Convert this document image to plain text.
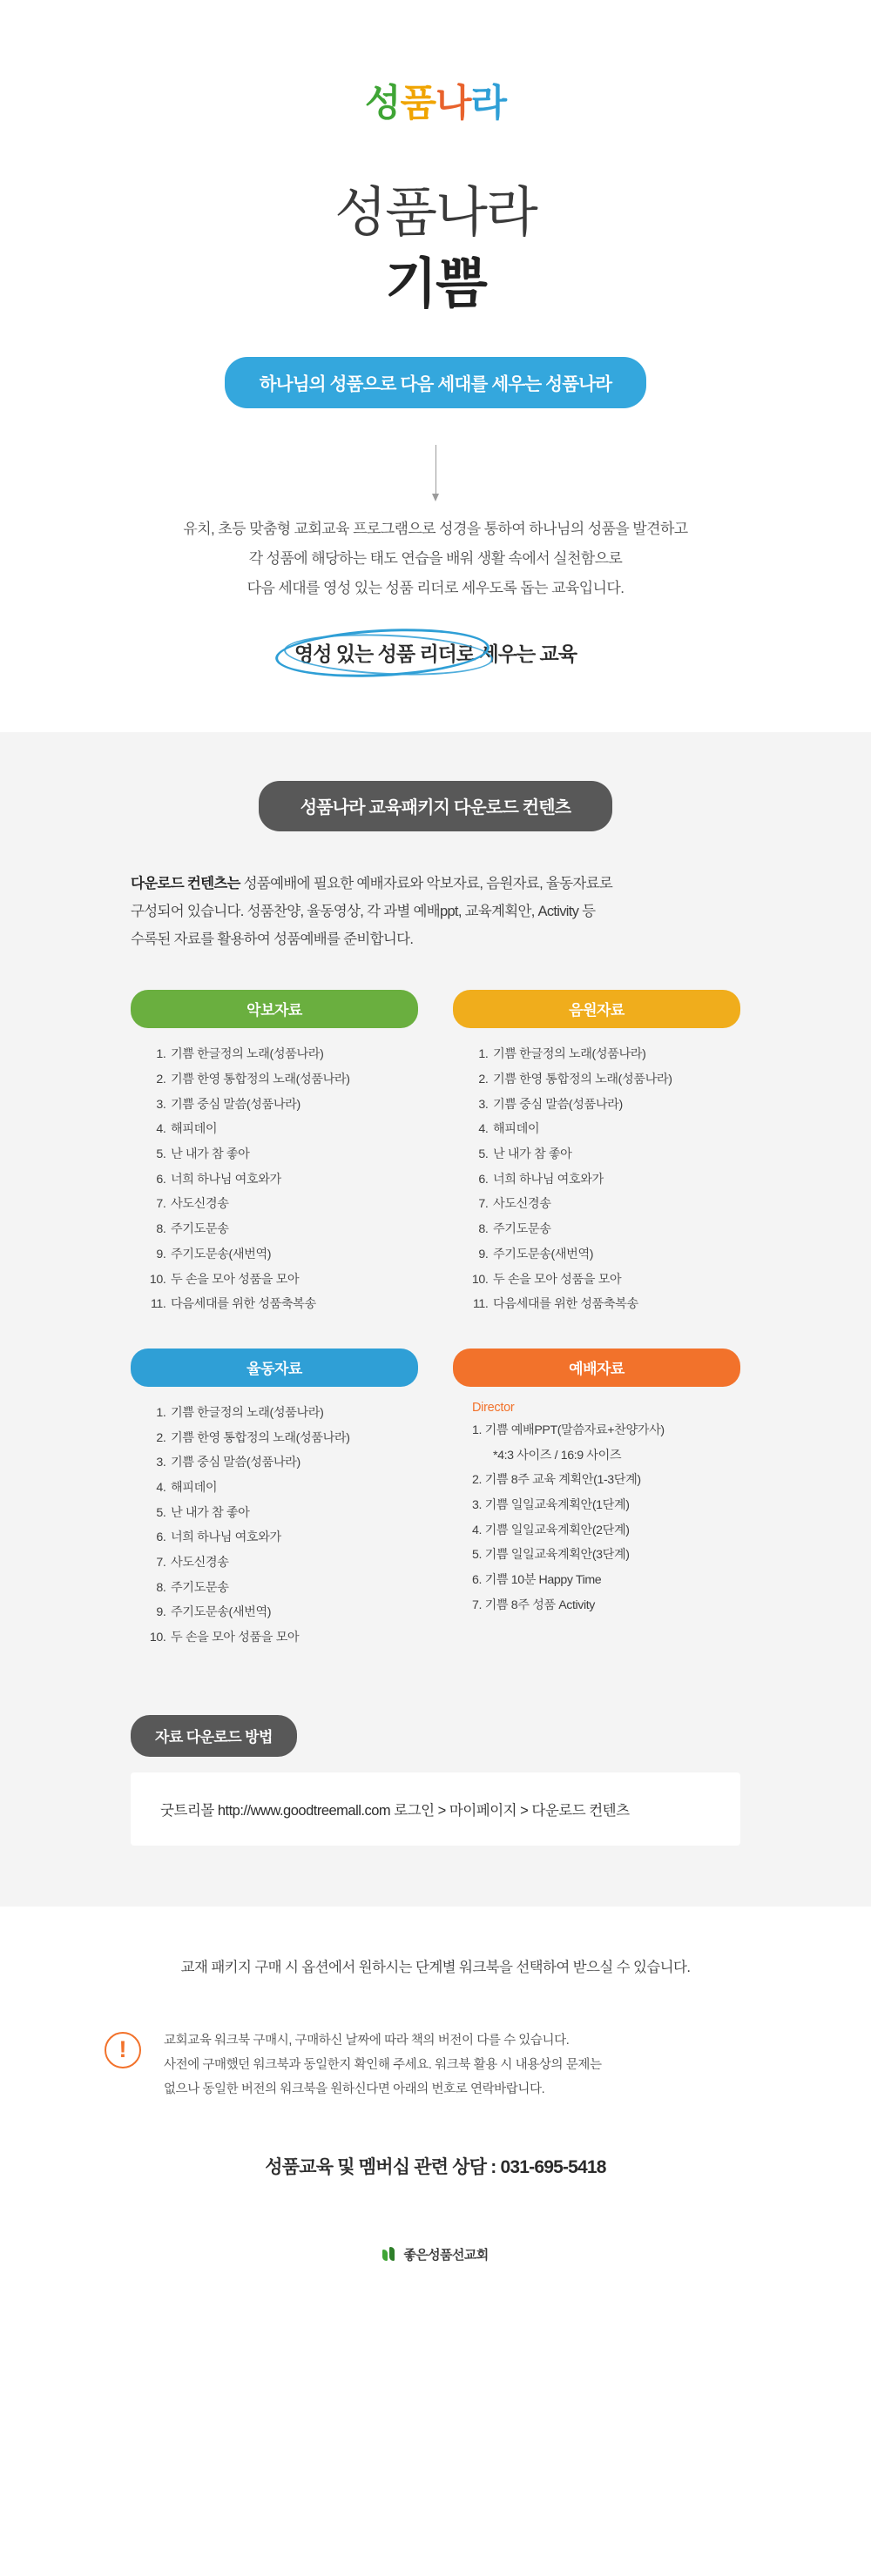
성품나라
성품나라
기쁨
하나님의 성품으로 다음 세대를 세우는 성품나라
유치, 초등 맞춤형 교회교육 프로그램으로 성경을 통하여 하나님의 성품을 발견하고
각 성품에 해당하는 태도 연습을 배워 생활 속에서 실천함으로
다음 세대를 영성 있는 성품 리더로 세우도록 돕는 교육입니다.
영성 있는 성품 리더로 세우는 교육
성품나라 교육패키지 다운로드 컨텐츠
다운로드 컨텐츠는 성품예배에 필요한 예배자료와 악보자료, 음원자료, 율동자료로
구성되어 있습니다. 성품찬양, 율동영상, 각 과별 예배ppt, 교육계획안, Activity 등
수록된 자료를 활용하여 성품예배를 준비합니다.
악보자료
1. 기쁨 한글정의 노래(성품나라)
2. 기쁨 한영 통합정의 노래(성품나라)
3. 기쁨 중심 말씀(성품나라)
4. 해피데이
5. 난 내가 참 좋아
6. 너희 하나님 여호와가
7. 사도신경송
8. 주기도문송
9. 주기도문송(새번역)
10. 두 손을 모아 성품을 모아
11. 다음세대를 위한 성품축복송
음원자료
1. 기쁨 한글정의 노래(성품나라)
2. 기쁨 한영 통합정의 노래(성품나라)
3. 기쁨 중심 말씀(성품나라)
4. 해피데이
5. 난 내가 참 좋아
6. 너희 하나님 여호와가
7. 사도신경송
8. 주기도문송
9. 주기도문송(새번역)
10. 두 손을 모아 성품을 모아
11. 다음세대를 위한 성품축복송
율동자료
1. 기쁨 한글정의 노래(성품나라)
2. 기쁨 한영 통합정의 노래(성품나라)
3. 기쁨 중심 말씀(성품나라)
4. 해피데이
5. 난 내가 참 좋아
6. 너희 하나님 여호와가
7. 사도신경송
8. 주기도문송
9. 주기도문송(새번역)
10. 두 손을 모아 성품을 모아
예배자료
Director
1. 기쁨 예배PPT(말씀자료+찬양가사)
*4:3 사이즈 / 16:9 사이즈
2. 기쁨 8주 교육 계획안(1-3단계)
3. 기쁨 일일교육계획안(1단계)
4. 기쁨 일일교육계획안(2단계)
5. 기쁨 일일교육계획안(3단계)
6. 기쁨 10분 Happy Time
7. 기쁨 8주 성품 Activity
자료 다운로드 방법
굿트리몰 http://www.goodtreemall.com 로그인 > 마이페이지 > 다운로드 컨텐츠
교재 패키지 구매 시 옵션에서 원하시는 단계별 워크북을 선택하여 받으실 수 있습니다.
!	교회교육 워크북 구매시, 구매하신 날짜에 따라 책의 버전이 다를 수 있습니다.
사전에 구매했던 워크북과 동일한지 확인해 주세요. 워크북 활용 시 내용상의 문제는
없으나 동일한 버전의 워크북을 원하신다면 아래의 번호로 연락바랍니다.
성품교육 및 멤버십 관련 상담 : 031-695-5418
좋은성품선교회
